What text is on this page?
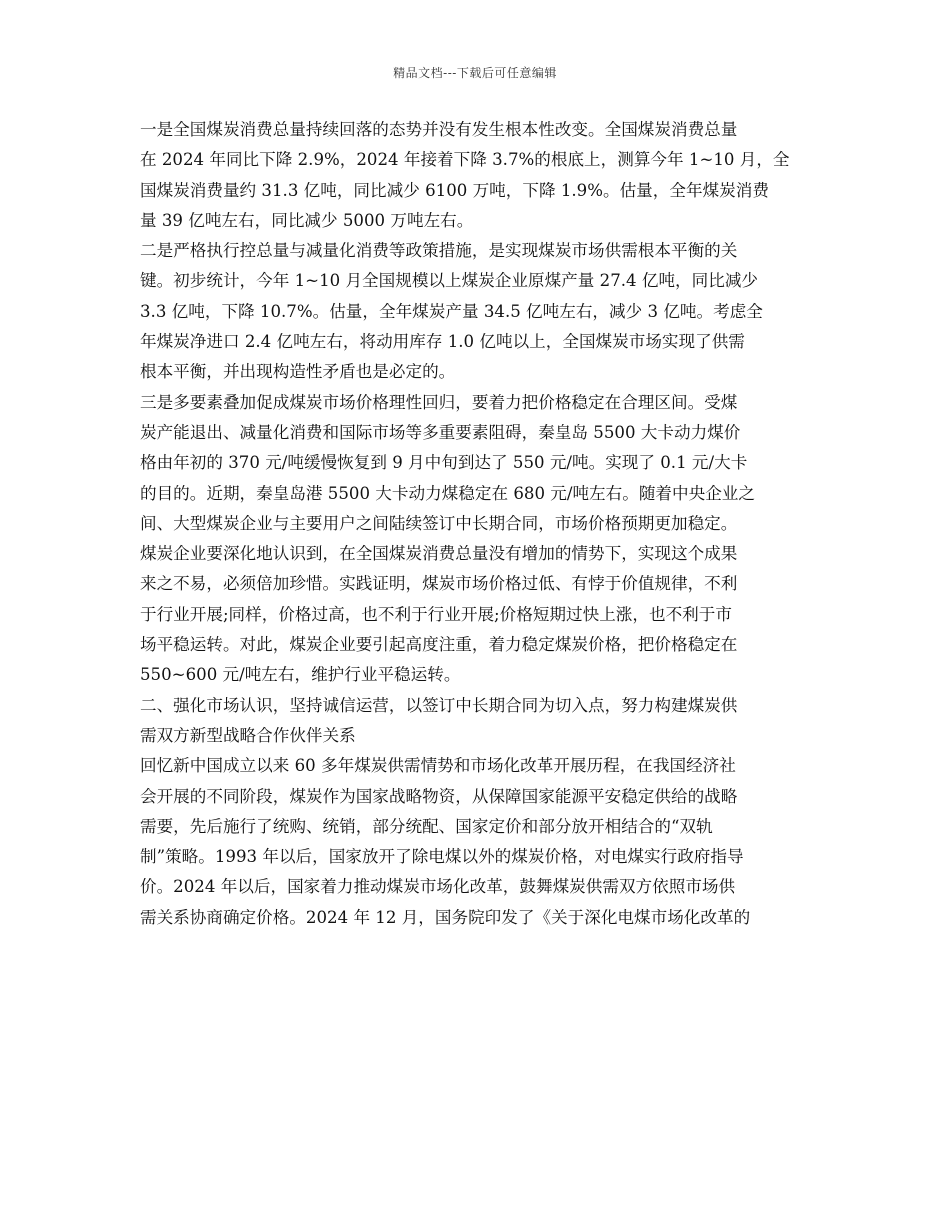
精品文档---下载后可任意编辑
一是全国煤炭消费总量持续回落的态势并没有发生根本性改变。全国煤炭消费总量
在 2024 年同比下降 2.9%，2024 年接着下降 3.7%的根底上，测算今年 1~10 月，全
国煤炭消费量约 31.3 亿吨，同比减少 6100 万吨，下降 1.9%。估量，全年煤炭消费
量 39 亿吨左右，同比减少 5000 万吨左右。
二是严格执行控总量与减量化消费等政策措施，是实现煤炭市场供需根本平衡的关
键。初步统计，今年 1~10 月全国规模以上煤炭企业原煤产量 27.4 亿吨，同比减少
3.3 亿吨，下降 10.7%。估量，全年煤炭产量 34.5 亿吨左右，减少 3 亿吨。考虑全
年煤炭净进口 2.4 亿吨左右，将动用库存 1.0 亿吨以上，全国煤炭市场实现了供需
根本平衡，并出现构造性矛盾也是必定的。
三是多要素叠加促成煤炭市场价格理性回归，要着力把价格稳定在合理区间。受煤
炭产能退出、减量化消费和国际市场等多重要素阻碍，秦皇岛 5500 大卡动力煤价
格由年初的 370 元/吨缓慢恢复到 9 月中旬到达了 550 元/吨。实现了 0.1 元/大卡
的目的。近期，秦皇岛港 5500 大卡动力煤稳定在 680 元/吨左右。随着中央企业之
间、大型煤炭企业与主要用户之间陆续签订中长期合同，市场价格预期更加稳定。
煤炭企业要深化地认识到，在全国煤炭消费总量没有增加的情势下，实现这个成果
来之不易，必须倍加珍惜。实践证明，煤炭市场价格过低、有悖于价值规律，不利
于行业开展;同样，价格过高，也不利于行业开展;价格短期过快上涨，也不利于市
场平稳运转。对此，煤炭企业要引起高度注重，着力稳定煤炭价格，把价格稳定在
550~600 元/吨左右，维护行业平稳运转。
二、强化市场认识，坚持诚信运营，以签订中长期合同为切入点，努力构建煤炭供
需双方新型战略合作伙伴关系
回忆新中国成立以来 60 多年煤炭供需情势和市场化改革开展历程，在我国经济社
会开展的不同阶段，煤炭作为国家战略物资，从保障国家能源平安稳定供给的战略
需要，先后施行了统购、统销，部分统配、国家定价和部分放开相结合的“双轨
制”策略。1993 年以后，国家放开了除电煤以外的煤炭价格，对电煤实行政府指导
价。2024 年以后，国家着力推动煤炭市场化改革，鼓舞煤炭供需双方依照市场供
需关系协商确定价格。2024 年 12 月，国务院印发了《关于深化电煤市场化改革的
